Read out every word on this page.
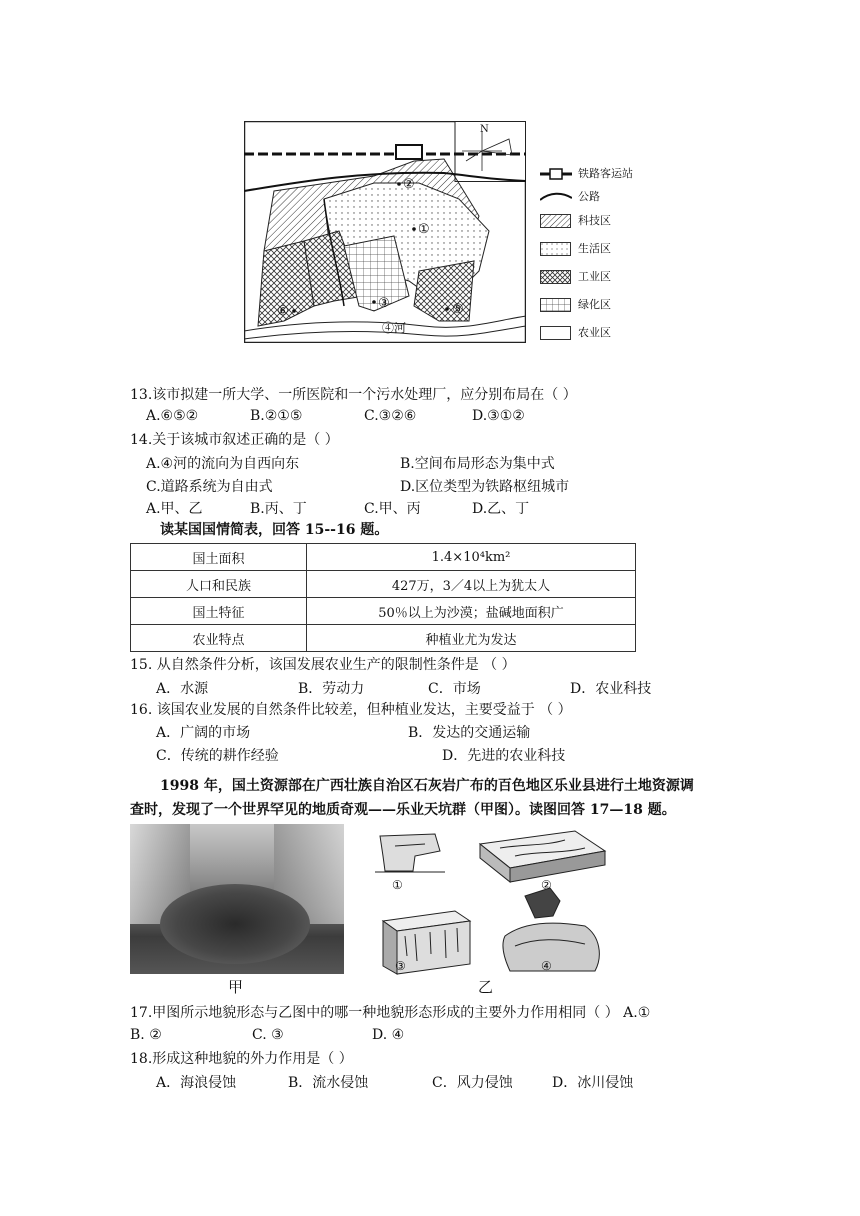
②
①
③	⑤
⑥
④河
N
铁路客运站
公路
科技区
生活区
工业区
绿化区
农业区
13.该市拟建一所大学、一所医院和一个污水处理厂，应分别布局在（ ）
A.⑥⑤②	B.②①⑤	C.③②⑥	D.③①②
14.关于该城市叙述正确的是（ ）
A.④河的流向为自西向东	B.空间布局形态为集中式
C.道路系统为自由式	D.区位类型为铁路枢纽城市
A.甲、乙	B.丙、丁	C.甲、丙	D.乙、丁
读某国国情简表，回答 15--16 题。
国土面积	1.4×10⁴km²
人口和民族	427万，3／4以上为犹太人
国土特征	50％以上为沙漠；盐碱地面积广
农业特点	种植业尤为发达
15. 从自然条件分析，该国发展农业生产的限制性条件是 （ ）
A．水源	B．劳动力	C．市场	D．农业科技
16. 该国农业发展的自然条件比较差，但种植业发达，主要受益于 （ ）
A．广阔的市场	B．发达的交通运输
C．传统的耕作经验	D．先进的农业科技
1998 年，国土资源部在广西壮族自治区石灰岩广布的百色地区乐业县进行土地资源调
查时，发现了一个世界罕见的地质奇观——乐业天坑群（甲图）。读图回答 17—18 题。
甲
①	②
③	④
乙
17.甲图所示地貌形态与乙图中的哪一种地貌形态形成的主要外力作用相同（ ） A.①
B. ②	C. ③	D. ④
18.形成这种地貌的外力作用是（ ）
A．海浪侵蚀	B．流水侵蚀	C．风力侵蚀	D．冰川侵蚀
